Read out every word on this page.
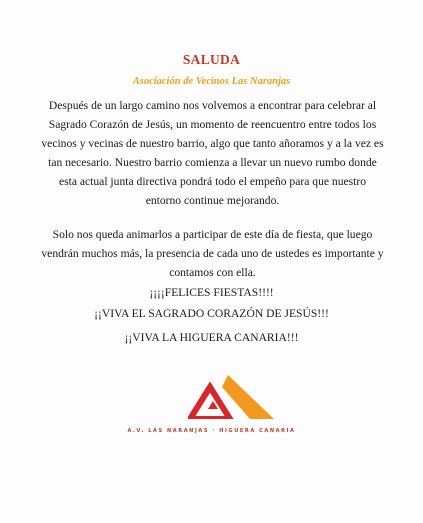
SALUDA
Asociación de Vecinos Las Naranjas

Después de un largo camino nos volvemos a encontrar para celebrar al Sagrado Corazón de Jesús, un momento de reencuentro entre todos los vecinos y vecinas de nuestro barrio, algo que tanto añoramos y a la vez es tan necesario. Nuestro barrio comienza a llevar un nuevo rumbo donde esta actual junta directiva pondrá todo el empeño para que nuestro entorno continue mejorando.

Solo nos queda animarlos a participar de este día de fiesta, que luego vendrán muchos más, la presencia de cada uno de ustedes es importante y contamos con ella.

¡¡¡¡FELICES FIESTAS!!!!
¡¡VIVA EL SAGRADO CORAZÓN DE JESÚS!!!
¡¡VIVA LA HIGUERA CANARIA!!!
A.V. LAS NARANJAS · HIGUERA CANARIA
